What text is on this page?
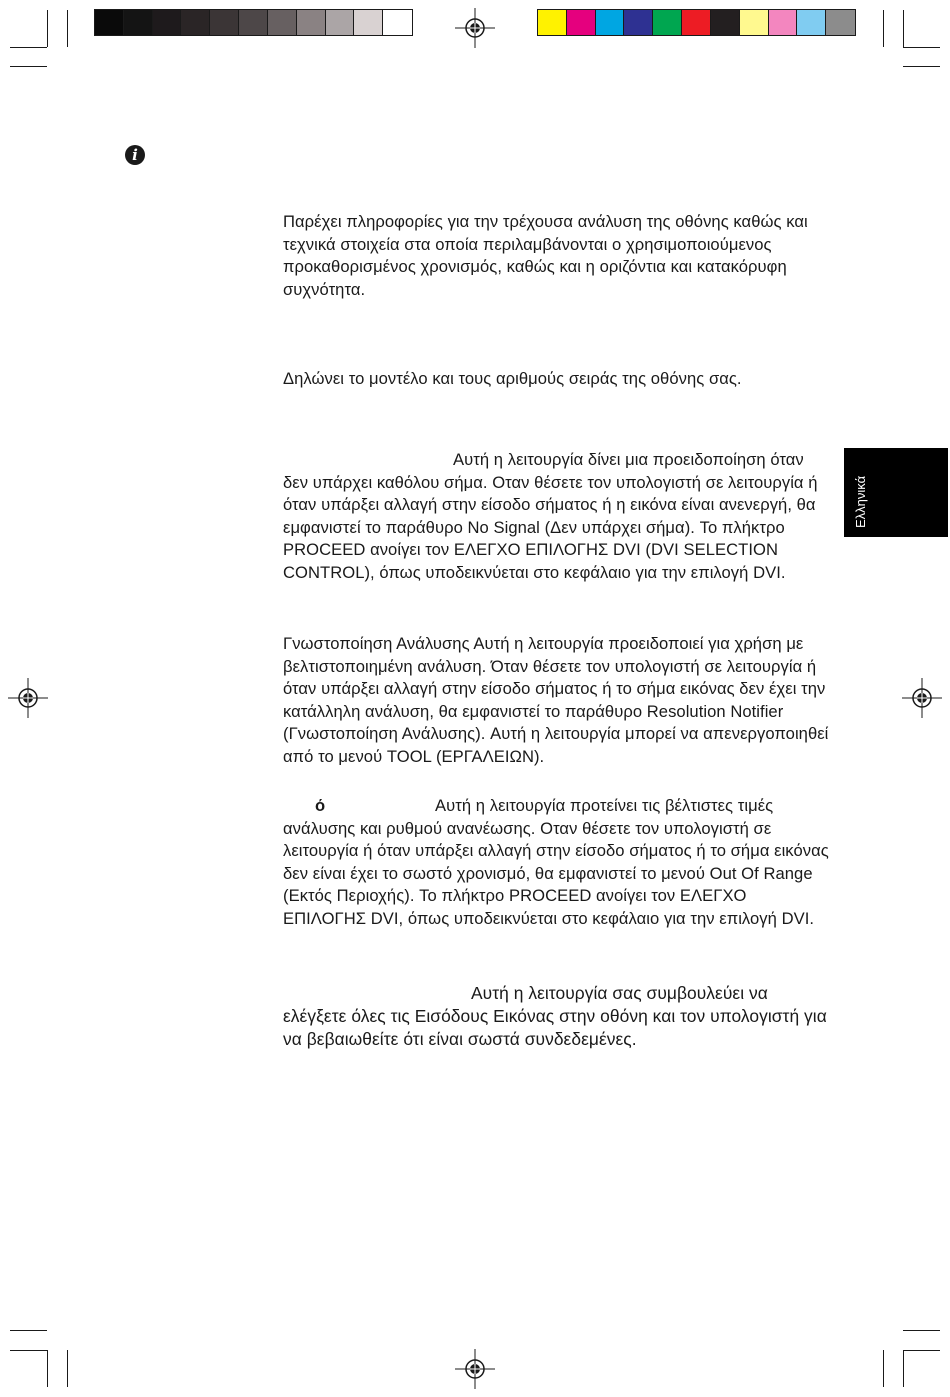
i
Ελληνικά
Παρέχει πληροφορίες για την τρέχουσα ανάλυση της οθόνης καθώς και τεχνικά στοιχεία στα οποία περιλαμβάνονται ο χρησιμοποιούμενος προκαθορισμένος χρονισμός, καθώς και η οριζόντια και κατακόρυφη συχνότητα.
Δηλώνει το μοντέλο και τους αριθμούς σειράς της οθόνης σας.
Αυτή η λειτουργία δίνει μια προειδοποίηση όταν δεν υπάρχει καθόλου σήμα. Οταν θέσετε τον υπολογιστή σε λειτουργία ή όταν υπάρξει αλλαγή στην είσοδο σήματος ή η εικόνα είναι ανενεργή, θα εμφανιστεί το παράθυρο No Signal (Δεν υπάρχει σήμα). Το πλήκτρο PROCEED ανοίγει τον ΕΛΕΓΧΟ ΕΠΙΛΟΓΗΣ DVI (DVI SELECTION CONTROL), όπως υποδεικνύεται στο κεφάλαιο για την επιλογή DVI.
Γνωστοποίηση Ανάλυσης Αυτή η λειτουργία προειδοποιεί για χρήση με βελτιστοποιημένη ανάλυση. Όταν θέσετε τον υπολογιστή σε λειτουργία ή όταν υπάρξει αλλαγή στην είσοδο σήματος ή το σήμα εικόνας δεν έχει την κατάλληλη ανάλυση, θα εμφανιστεί το παράθυρο Resolution Notifier (Γνωστοποίηση Ανάλυσης). Αυτή η λειτουργία μπορεί να απενεργοποιηθεί από το μενού TOOL (ΕΡΓΑΛΕΙΩΝ).
ό	Αυτή η λειτουργία προτείνει τις βέλτιστες τιμές ανάλυσης και ρυθμού ανανέωσης. Οταν θέσετε τον υπολογιστή σε λειτουργία ή όταν υπάρξει αλλαγή στην είσοδο σήματος ή το σήμα εικόνας δεν είναι έχει το σωστό χρονισμό, θα εμφανιστεί το μενού Out Of Range (Εκτός Περιοχής). Το πλήκτρο PROCEED ανοίγει τον ΕΛΕΓΧΟ ΕΠΙΛΟΓΗΣ DVI, όπως υποδεικνύεται στο κεφάλαιο για την επιλογή DVI.
Αυτή η λειτουργία σας συμβουλεύει να ελέγξετε όλες τις Εισόδους Εικόνας στην οθόνη και τον υπολογιστή για να βεβαιωθείτε ότι είναι σωστά συνδεδεμένες.
